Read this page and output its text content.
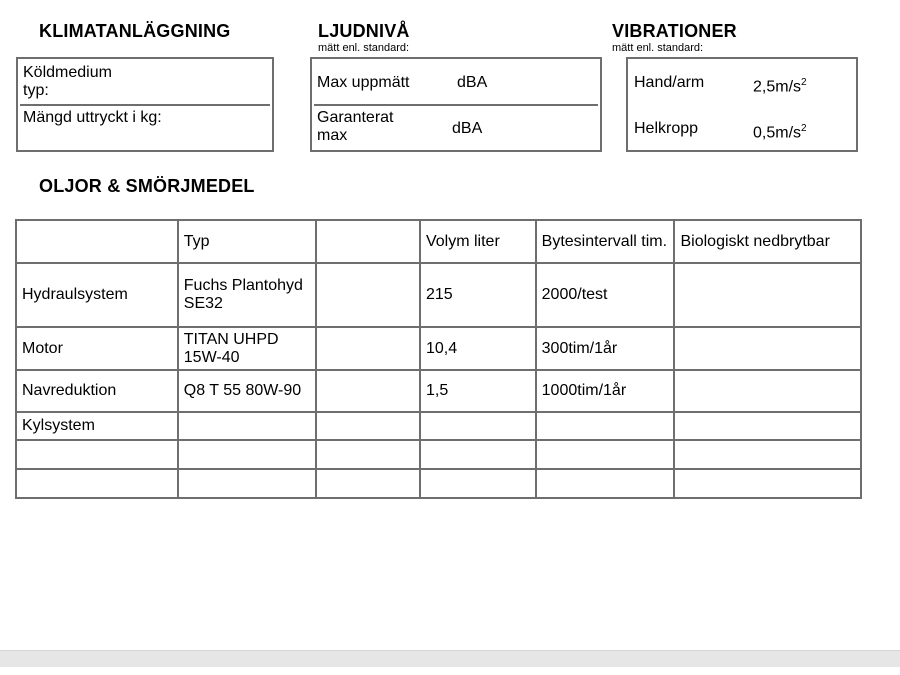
KLIMATANLÄGGNING
Köldmedium typ:
Mängd uttryckt i kg:
LJUDNIVÅ
mätt enl. standard:
Max uppmätt	dBA
Garanterat max	dBA
VIBRATIONER
mätt enl. standard:
Hand/arm	$2,5m/s^2$
Helkropp	$0,5m/s^2$
OLJOR & SMÖRJMEDEL
	Typ		Volym liter	Bytesintervall tim.	Biologiskt nedbrytbar
Hydraulsystem	Fuchs Plantohyd SE32		215	2000/test	
Motor	TITAN UHPD 15W-40		10,4	300tim/1år	
Navreduktion	Q8 T 55 80W-90		1,5	1000tim/1år	
Kylsystem					
